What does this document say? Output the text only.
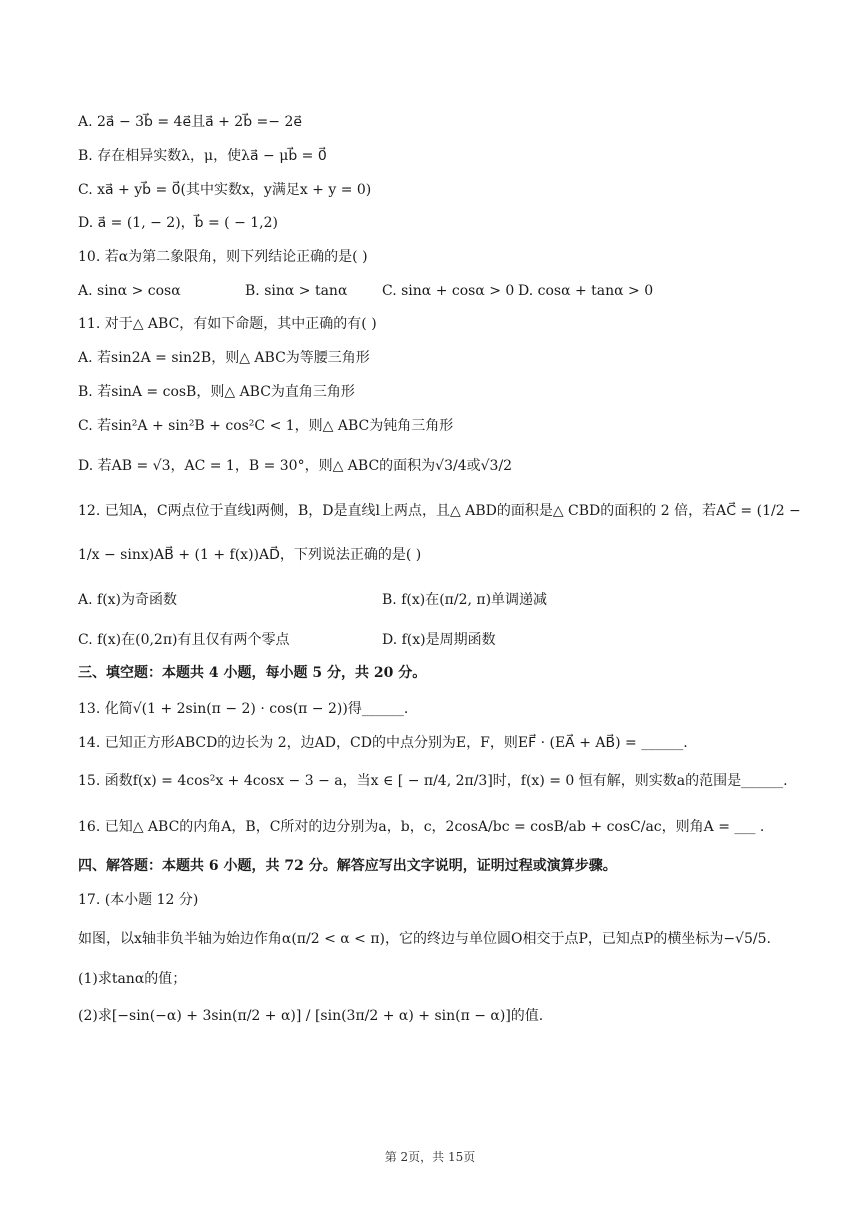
A. 2a⃗ − 3b⃗ = 4e⃗且a⃗ + 2b⃗ =− 2e⃗
B. 存在相异实数λ，μ，使λa⃗ − μb⃗ = 0⃗
C. xa⃗ + yb⃗ = 0⃗(其中实数x，y满足x + y = 0)
D. a⃗ = (1, − 2)，b⃗ = ( − 1,2)
10. 若α为第二象限角，则下列结论正确的是( )
A. sinα > cosα	B. sinα > tanα C. sinα + cosα > 0 D. cosα + tanα > 0
11. 对于△ ABC，有如下命题，其中正确的有( )
A. 若sin2A = sin2B，则△ ABC为等腰三角形
B. 若sinA = cosB，则△ ABC为直角三角形
C. 若sin²A + sin²B + cos²C < 1，则△ ABC为钝角三角形
D. 若AB = √3，AC = 1，B = 30°，则△ ABC的面积为√3/4或√3/2
12. 已知A，C两点位于直线l两侧，B，D是直线l上两点，且△ ABD的面积是△ CBD的面积的 2 倍，若AC⃗ = (1/2 −
1/x − sinx)AB⃗ + (1 + f(x))AD⃗，下列说法正确的是( )
A. f(x)为奇函数	B. f(x)在(π/2, π)单调递减
C. f(x)在(0,2π)有且仅有两个零点	D. f(x)是周期函数
三、填空题：本题共 4 小题，每小题 5 分，共 20 分。
13. 化简√(1 + 2sin(π − 2) · cos(π − 2))得______.
14. 已知正方形ABCD的边长为 2，边AD，CD的中点分别为E，F，则EF⃗ · (EA⃗ + AB⃗) = ______.
15. 函数f(x) = 4cos²x + 4cosx − 3 − a，当x ∈ [ − π/4, 2π/3]时，f(x) = 0 恒有解，则实数a的范围是______.
16. 已知△ ABC的内角A，B，C所对的边分别为a，b，c，2cosA/bc = cosB/ab + cosC/ac，则角A = ___ .
四、解答题：本题共 6 小题，共 72 分。解答应写出文字说明，证明过程或演算步骤。
17. (本小题 12 分)
如图，以x轴非负半轴为始边作角α(π/2 < α < π)，它的终边与单位圆O相交于点P，已知点P的横坐标为−√5/5.
(1)求tanα的值；
(2)求[−sin(−α) + 3sin(π/2 + α)] / [sin(3π/2 + α) + sin(π − α)]的值.
第 2页，共 15页
